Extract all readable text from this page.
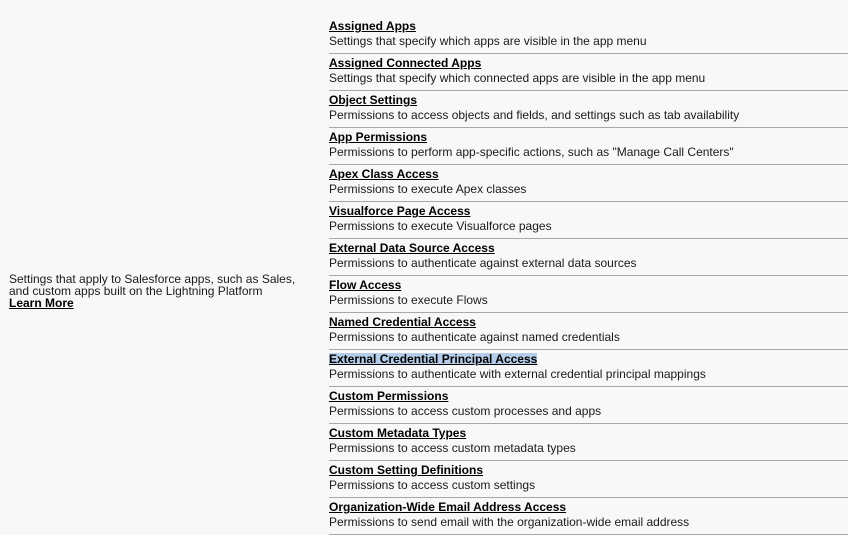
Settings that apply to Salesforce apps, such as Sales, and custom apps built on the Lightning Platform
Learn More
Assigned Apps
Settings that specify which apps are visible in the app menu
Assigned Connected Apps
Settings that specify which connected apps are visible in the app menu
Object Settings
Permissions to access objects and fields, and settings such as tab availability
App Permissions
Permissions to perform app-specific actions, such as "Manage Call Centers"
Apex Class Access
Permissions to execute Apex classes
Visualforce Page Access
Permissions to execute Visualforce pages
External Data Source Access
Permissions to authenticate against external data sources
Flow Access
Permissions to execute Flows
Named Credential Access
Permissions to authenticate against named credentials
External Credential Principal Access
Permissions to authenticate with external credential principal mappings
Custom Permissions
Permissions to access custom processes and apps
Custom Metadata Types
Permissions to access custom metadata types
Custom Setting Definitions
Permissions to access custom settings
Organization-Wide Email Address Access
Permissions to send email with the organization-wide email address
